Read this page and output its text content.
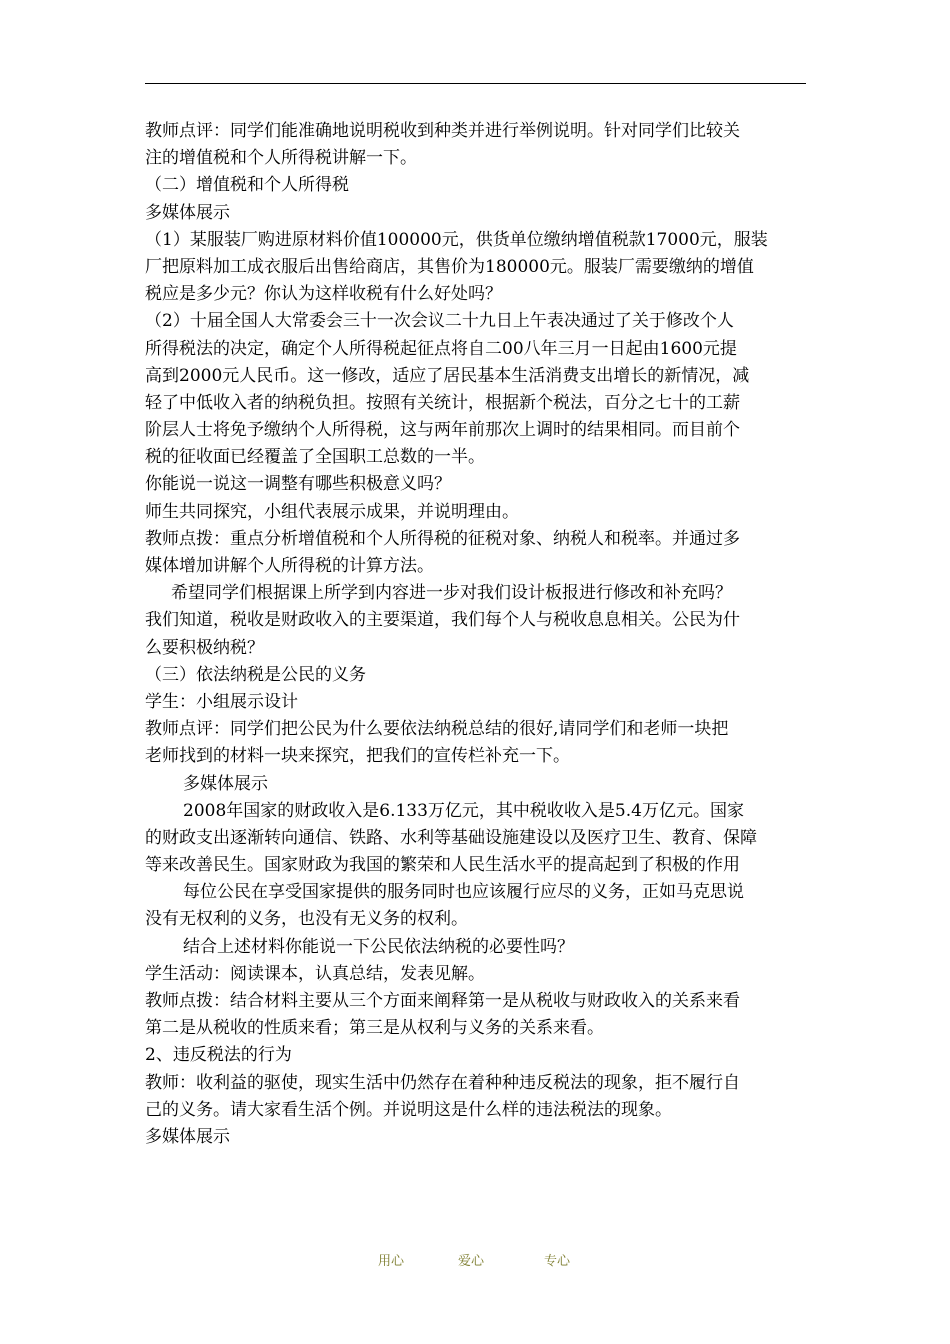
教师点评：同学们能准确地说明税收到种类并进行举例说明。针对同学们比较关
注的增值税和个人所得税讲解一下。
（二）增值税和个人所得税
多媒体展示
（1）某服装厂购进原材料价值100000元，供货单位缴纳增值税款17000元，服装
厂把原料加工成衣服后出售给商店，其售价为180000元。服装厂需要缴纳的增值
税应是多少元？你认为这样收税有什么好处吗？
（2）十届全国人大常委会三十一次会议二十九日上午表决通过了关于修改个人
所得税法的决定，确定个人所得税起征点将自二00八年三月一日起由1600元提
高到2000元人民币。这一修改，适应了居民基本生活消费支出增长的新情况，减
轻了中低收入者的纳税负担。按照有关统计，根据新个税法，百分之七十的工薪
阶层人士将免予缴纳个人所得税，这与两年前那次上调时的结果相同。而目前个
税的征收面已经覆盖了全国职工总数的一半。
你能说一说这一调整有哪些积极意义吗？
师生共同探究，小组代表展示成果，并说明理由。
教师点拨：重点分析增值税和个人所得税的征税对象、纳税人和税率。并通过多
媒体增加讲解个人所得税的计算方法。
希望同学们根据课上所学到内容进一步对我们设计板报进行修改和补充吗？
我们知道，税收是财政收入的主要渠道，我们每个人与税收息息相关。公民为什
么要积极纳税？
（三）依法纳税是公民的义务
学生：小组展示设计
教师点评：同学们把公民为什么要依法纳税总结的很好,请同学们和老师一块把
老师找到的材料一块来探究，把我们的宣传栏补充一下。
多媒体展示
2008年国家的财政收入是6.133万亿元，其中税收收入是5.4万亿元。国家
的财政支出逐渐转向通信、铁路、水利等基础设施建设以及医疗卫生、教育、保障
等来改善民生。国家财政为我国的繁荣和人民生活水平的提高起到了积极的作用
每位公民在享受国家提供的服务同时也应该履行应尽的义务，正如马克思说
没有无权利的义务，也没有无义务的权利。
结合上述材料你能说一下公民依法纳税的必要性吗？
学生活动：阅读课本，认真总结，发表见解。
教师点拨：结合材料主要从三个方面来阐释第一是从税收与财政收入的关系来看
第二是从税收的性质来看；第三是从权利与义务的关系来看。
2、违反税法的行为
教师：收利益的驱使，现实生活中仍然存在着种种违反税法的现象，拒不履行自
己的义务。请大家看生活个例。并说明这是什么样的违法税法的现象。
多媒体展示
用心	爱心	专心
